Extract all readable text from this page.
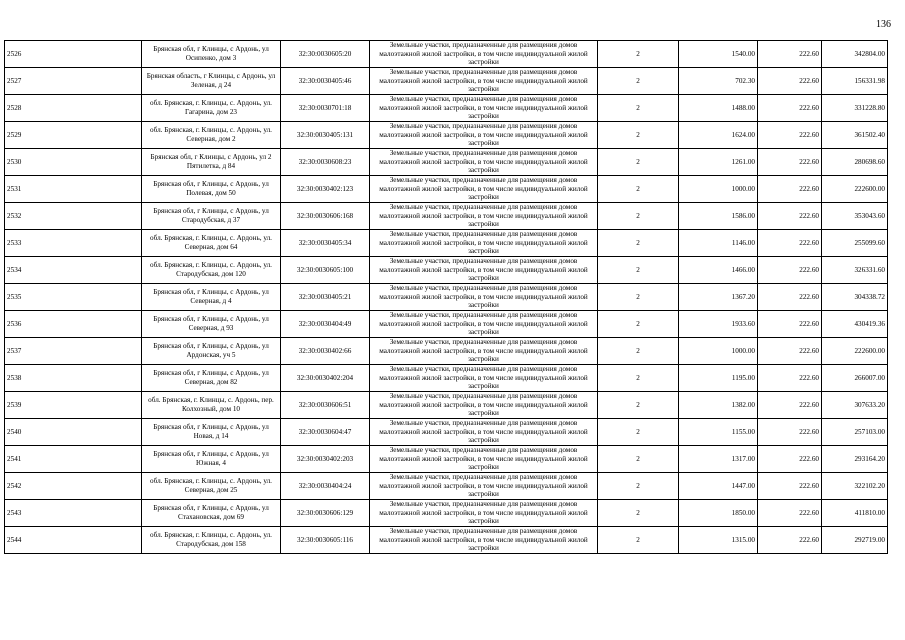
136
2526	Брянская обл, г Клинцы, с Ардонь, ул Осипенко, дом 3	32:30:0030605:20	Земельные участки, предназначенные для размещения домов малоэтажной жилой застройки, в том числе индивидуальной жилой застройки	2	1540.00	222.60	342804.00
2527	Брянская область, г Клинцы, с Ардонь, ул Зеленая, д 24	32:30:0030405:46	Земельные участки, предназначенные для размещения домов малоэтажной жилой застройки, в том числе индивидуальной жилой застройки	2	702.30	222.60	156331.98
2528	обл. Брянская, г. Клинцы, с. Ардонь, ул. Гагарина, дом 23	32:30:0030701:18	Земельные участки, предназначенные для размещения домов малоэтажной жилой застройки, в том числе индивидуальной жилой застройки	2	1488.00	222.60	331228.80
2529	обл. Брянская, г. Клинцы, с. Ардонь, ул. Северная, дом 2	32:30:0030405:131	Земельные участки, предназначенные для размещения домов малоэтажной жилой застройки, в том числе индивидуальной жилой застройки	2	1624.00	222.60	361502.40
2530	Брянская обл, г Клинцы, с Ардонь, ул 2 Пятилетка, д 84	32:30:0030608:23	Земельные участки, предназначенные для размещения домов малоэтажной жилой застройки, в том числе индивидуальной жилой застройки	2	1261.00	222.60	280698.60
2531	Брянская обл, г Клинцы, с Ардонь, ул Полевая, дом 50	32:30:0030402:123	Земельные участки, предназначенные для размещения домов малоэтажной жилой застройки, в том числе индивидуальной жилой застройки	2	1000.00	222.60	222600.00
2532	Брянская обл, г Клинцы, с Ардонь, ул Стародубская, д 37	32:30:0030606:168	Земельные участки, предназначенные для размещения домов малоэтажной жилой застройки, в том числе индивидуальной жилой застройки	2	1586.00	222.60	353043.60
2533	обл. Брянская, г. Клинцы, с. Ардонь, ул. Северная, дом 64	32:30:0030405:34	Земельные участки, предназначенные для размещения домов малоэтажной жилой застройки, в том числе индивидуальной жилой застройки	2	1146.00	222.60	255099.60
2534	обл. Брянская, г. Клинцы, с. Ардонь, ул. Стародубская, дом 120	32:30:0030605:100	Земельные участки, предназначенные для размещения домов малоэтажной жилой застройки, в том числе индивидуальной жилой застройки	2	1466.00	222.60	326331.60
2535	Брянская обл, г Клинцы, с Ардонь, ул Северная, д 4	32:30:0030405:21	Земельные участки, предназначенные для размещения домов малоэтажной жилой застройки, в том числе индивидуальной жилой застройки	2	1367.20	222.60	304338.72
2536	Брянская обл, г Клинцы, с Ардонь, ул Северная, д 93	32:30:0030404:49	Земельные участки, предназначенные для размещения домов малоэтажной жилой застройки, в том числе индивидуальной жилой застройки	2	1933.60	222.60	430419.36
2537	Брянская обл, г Клинцы, с Ардонь, ул Ардонская, уч 5	32:30:0030402:66	Земельные участки, предназначенные для размещения домов малоэтажной жилой застройки, в том числе индивидуальной жилой застройки	2	1000.00	222.60	222600.00
2538	Брянская обл, г Клинцы, с Ардонь, ул Северная, дом 82	32:30:0030402:204	Земельные участки, предназначенные для размещения домов малоэтажной жилой застройки, в том числе индивидуальной жилой застройки	2	1195.00	222.60	266007.00
2539	обл. Брянская, г. Клинцы, с. Ардонь, пер. Колхозный, дом 10	32:30:0030606:51	Земельные участки, предназначенные для размещения домов малоэтажной жилой застройки, в том числе индивидуальной жилой застройки	2	1382.00	222.60	307633.20
2540	Брянская обл, г Клинцы, с Ардонь, ул Новая, д 14	32:30:0030604:47	Земельные участки, предназначенные для размещения домов малоэтажной жилой застройки, в том числе индивидуальной жилой застройки	2	1155.00	222.60	257103.00
2541	Брянская обл, г Клинцы, с Ардонь, ул Южная, 4	32:30:0030402:203	Земельные участки, предназначенные для размещения домов малоэтажной жилой застройки, в том числе индивидуальной жилой застройки	2	1317.00	222.60	293164.20
2542	обл. Брянская, г. Клинцы, с. Ардонь, ул. Северная, дом 25	32:30:0030404:24	Земельные участки, предназначенные для размещения домов малоэтажной жилой застройки, в том числе индивидуальной жилой застройки	2	1447.00	222.60	322102.20
2543	Брянская обл, г Клинцы, с Ардонь, ул Стахановская, дом 69	32:30:0030606:129	Земельные участки, предназначенные для размещения домов малоэтажной жилой застройки, в том числе индивидуальной жилой застройки	2	1850.00	222.60	411810.00
2544	обл. Брянская, г. Клинцы, с. Ардонь, ул. Стародубская, дом 158	32:30:0030605:116	Земельные участки, предназначенные для размещения домов малоэтажной жилой застройки, в том числе индивидуальной жилой застройки	2	1315.00	222.60	292719.00
